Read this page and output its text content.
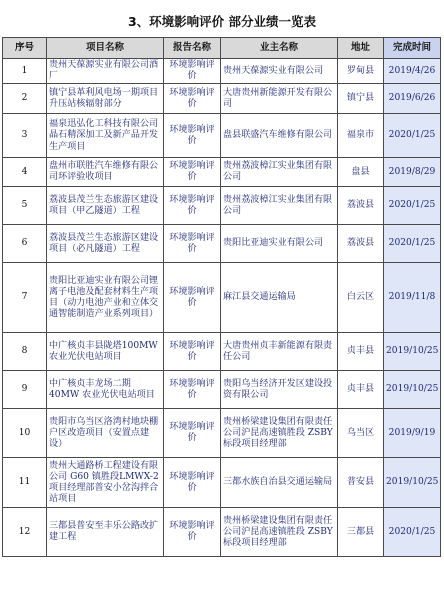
3、环境影响评价 部分业绩一览表
序号	项目名称	报告名称	业主名称	地址	完成时间
1	贵州天葆源实业有限公司酒厂	环境影响评价	贵州天葆源实业有限公司	罗甸县	2019/4/26
2	镇宁县革利风电场一期项目升压站核辐射部分	环境影响评价	大唐贵州新能源开发有限公司	镇宁县	2019/6/26
3	福泉迅弘化工科技有限公司晶石精深加工及新产品开发生产项目	环境影响评价	盘县联盛汽车维修有限公司	福泉市	2020/1/25
4	盘州市联胜汽车维修有限公司环评验收项目	环境影响评价	贵州荔波樟江实业集团有限公司	盘县	2019/8/29
5	荔波县茂兰生态旅游区建设项目（甲乙隧道）工程	环境影响评价	贵州荔波樟江实业集团有限公司	荔波县	2020/1/25
6	荔波县茂兰生态旅游区建设项目（必凡隧道）工程	环境影响评价	贵阳比亚迪实业有限公司	荔波县	2020/1/25
7	贵阳比亚迪实业有限公司锂离子电池及配套材料生产项目（动力电池产业和立体交通智能制造产业系列项目）	环境影响评价	麻江县交通运输局	白云区	2019/11/8
8	中广核贞丰县陇塔100MW 农业光伏电站项目	环境影响评价	大唐贵州贞丰新能源有限责任公司	贞丰县	2019/10/25
9	中广核贞丰龙场二期40MW 农业光伏电站项目	环境影响评价	贵阳乌当经济开发区建设投资有限公司	贞丰县	2019/10/25
10	贵阳市乌当区洛湾村地块棚户区改造项目（安置点建设）	环境影响评价	贵州桥梁建设集团有限责任公司沪昆高速镇胜段 ZSBY标段项目经理部	乌当区	2019/9/19
11	贵州大通路桥工程建设有限公司 G60 镇胜段LMWX-2 项目经理部普安小岔沟拌合站项目	环境影响评价	三都水族自治县交通运输局	普安县	2019/10/25
12	三都县普安至丰乐公路改扩建工程	环境影响评价	贵州桥梁建设集团有限责任公司沪昆高速镇胜段 ZSBY标段项目经理部	三都县	2020/1/25
